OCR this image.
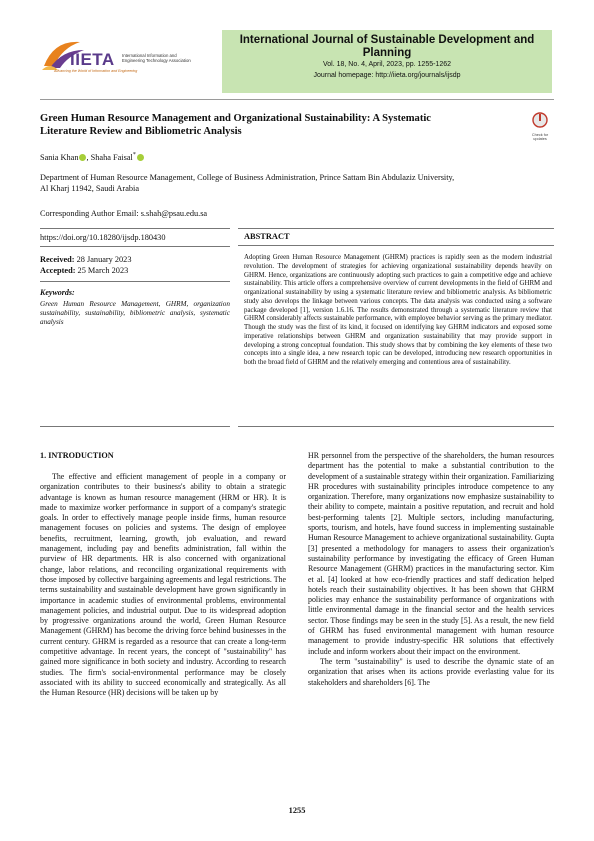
IIETA International Information and
Engineering Technology Association
Advancing the World of Information and Engineering
International Journal of Sustainable Development and Planning
Vol. 18, No. 4, April, 2023, pp. 1255-1262
Journal homepage: http://iieta.org/journals/ijsdp
Check for
updates
Green Human Resource Management and Organizational Sustainability: A Systematic
Literature Review and Bibliometric Analysis
Sania Khan , Shaha Faisal*
Department of Human Resource Management, College of Business Administration, Prince Sattam Bin Abdulaziz University,
Al Kharj 11942, Saudi Arabia
Corresponding Author Email: s.shah@psau.edu.sa
https://doi.org/10.18280/ijsdp.180430
Received: 28 January 2023
Accepted: 25 March 2023
Keywords:
Green Human Resource Management, GHRM, organization sustainability, sustainability, bibliometric analysis, systematic analysis
ABSTRACT
Adopting Green Human Resource Management (GHRM) practices is rapidly seen as the modern industrial revolution. The development of strategies for achieving organizational sustainability depends heavily on GHRM. Hence, organizations are continuously adopting such practices to gain a competitive edge and achieve sustainability. This article offers a comprehensive overview of current developments in the field of GHRM and organizational sustainability by using a systematic literature review and bibliometric analysis. As bibliometric study also develops the linkage between various concepts. The data analysis was conducted using a software package developed [1], version 1.6.16. The results demonstrated through a systematic literature review that GHRM considerably affects sustainable performance, with employee behavior serving as the primary mediator. Though the study was the first of its kind, it focused on identifying key GHRM indicators and exposed some imperative relationships between GHRM and organization sustainability that may provide support in developing a strong conceptual foundation. This study shows that by combining the key elements of these two concepts into a single idea, a new research topic can be developed, introducing new research opportunities in both the broad field of GHRM and the relatively emerging and contentious area of sustainability.
1. INTRODUCTION

The effective and efficient management of people in a company or organization contributes to their business's ability to obtain a strategic advantage is known as human resource management (HRM or HR). It is made to maximize worker performance in support of a company's strategic goals. In order to effectively manage people inside firms, human resource management focuses on policies and systems. The design of employee benefits, recruitment, learning, growth, job evaluation, and reward management, including pay and benefits administration, fall within the purview of HR departments. HR is also concerned with organizational change, labor relations, and reconciling organizational requirements with those imposed by collective bargaining agreements and legal restrictions. The terms sustainability and sustainable development have grown significantly in importance in academic studies of environmental problems, environmental management policies, and industrial output. Due to its widespread adoption by progressive organizations around the world, Green Human Resource Management (GHRM) has become the driving force behind businesses in the current century. GHRM is regarded as a resource that can create a long-term competitive advantage. In recent years, the concept of "sustainability" has gained more significance in both society and industry. According to research studies. The firm's social-environmental performance may be closely associated with its ability to succeed economically and strategically. As all the Human Resource (HR) decisions will be taken up by

HR personnel from the perspective of the shareholders, the human resources department has the potential to make a substantial contribution to the development of a sustainable strategy within their organization. Familiarizing HR procedures with sustainability principles introduce competence to any organization. Therefore, many organizations now emphasize sustainability to their ability to compete, maintain a positive reputation, and recruit and hold best-performing talents [2]. Multiple sectors, including manufacturing, sports, tourism, and hotels, have found success in implementing sustainable Human Resource Management to achieve organizational sustainability. Gupta [3] presented a methodology for managers to assess their organization's sustainability performance by investigating the efficacy of Green Human Resource Management (GHRM) practices in the manufacturing sector. Kim et al. [4] looked at how eco-friendly practices and staff dedication helped hotels reach their sustainability objectives. It has been shown that GHRM policies may enhance the sustainability performance of organizations with little environmental damage in the financial sector and the health services sector. Those findings may be seen in the study [5]. As a result, the new field of GHRM has fused environmental management with human resource management to provide industry-specific HR solutions that effectively include and inform workers about their impact on the environment.

The term "sustainability" is used to describe the dynamic state of an organization that arises when its actions provide everlasting value for its stakeholders and shareholders [6]. The

1255
